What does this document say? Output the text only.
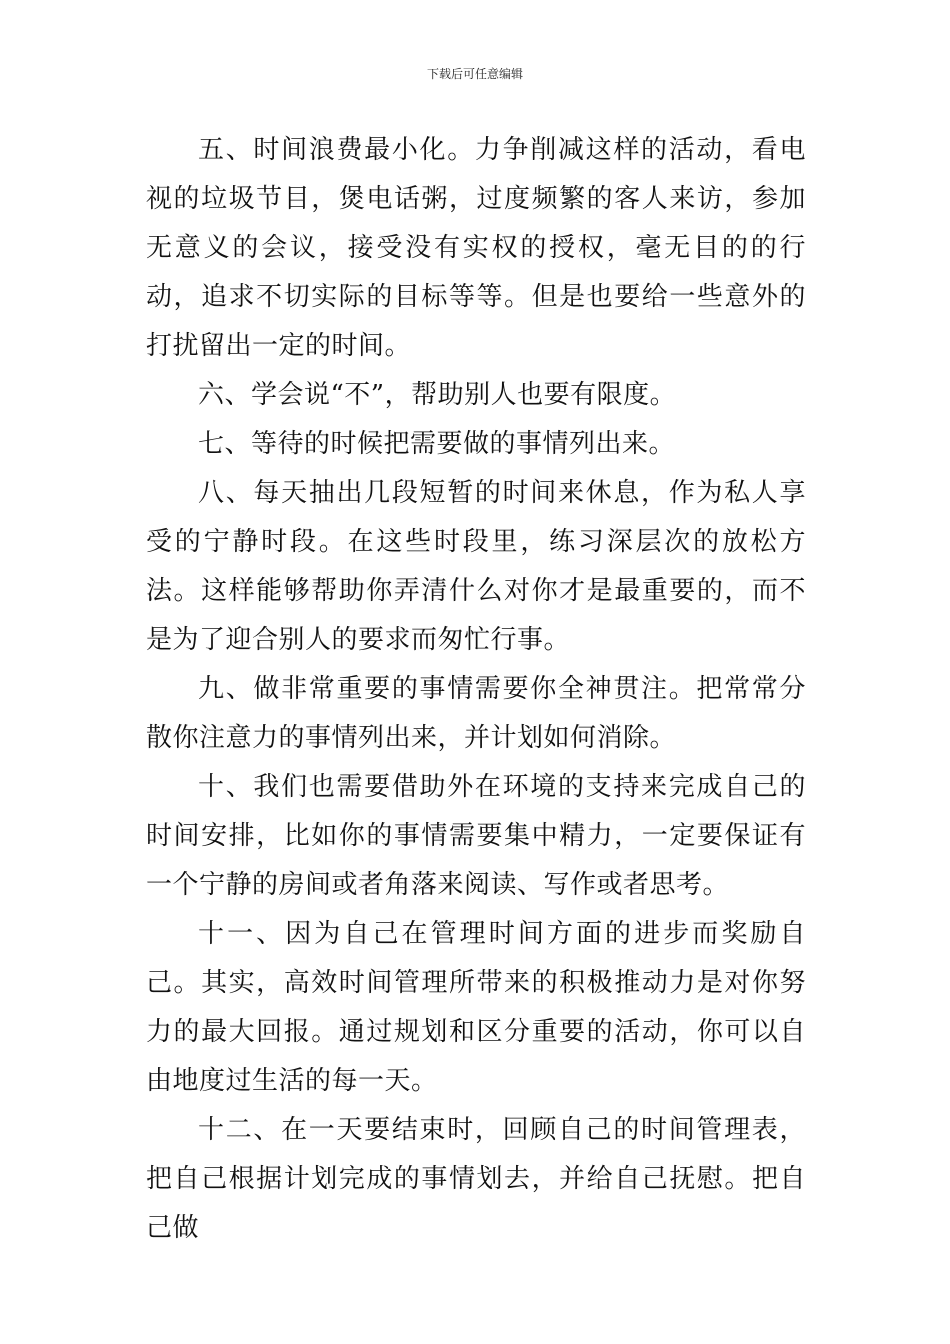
下载后可任意编辑

五、时间浪费最小化。力争削减这样的活动，看电视的垃圾节目，煲电话粥，过度频繁的客人来访，参加无意义的会议，接受没有实权的授权，毫无目的的行动，追求不切实际的目标等等。但是也要给一些意外的打扰留出一定的时间。

六、学会说“不”，帮助别人也要有限度。

七、等待的时候把需要做的事情列出来。

八、每天抽出几段短暂的时间来休息，作为私人享受的宁静时段。在这些时段里，练习深层次的放松方法。这样能够帮助你弄清什么对你才是最重要的，而不是为了迎合别人的要求而匆忙行事。

九、做非常重要的事情需要你全神贯注。把常常分散你注意力的事情列出来，并计划如何消除。

十、我们也需要借助外在环境的支持来完成自己的时间安排，比如你的事情需要集中精力，一定要保证有一个宁静的房间或者角落来阅读、写作或者思考。

十一、因为自己在管理时间方面的进步而奖励自己。其实，高效时间管理所带来的积极推动力是对你努力的最大回报。通过规划和区分重要的活动，你可以自由地度过生活的每一天。

十二、在一天要结束时，回顾自己的时间管理表，把自己根据计划完成的事情划去，并给自己抚慰。把自己做
